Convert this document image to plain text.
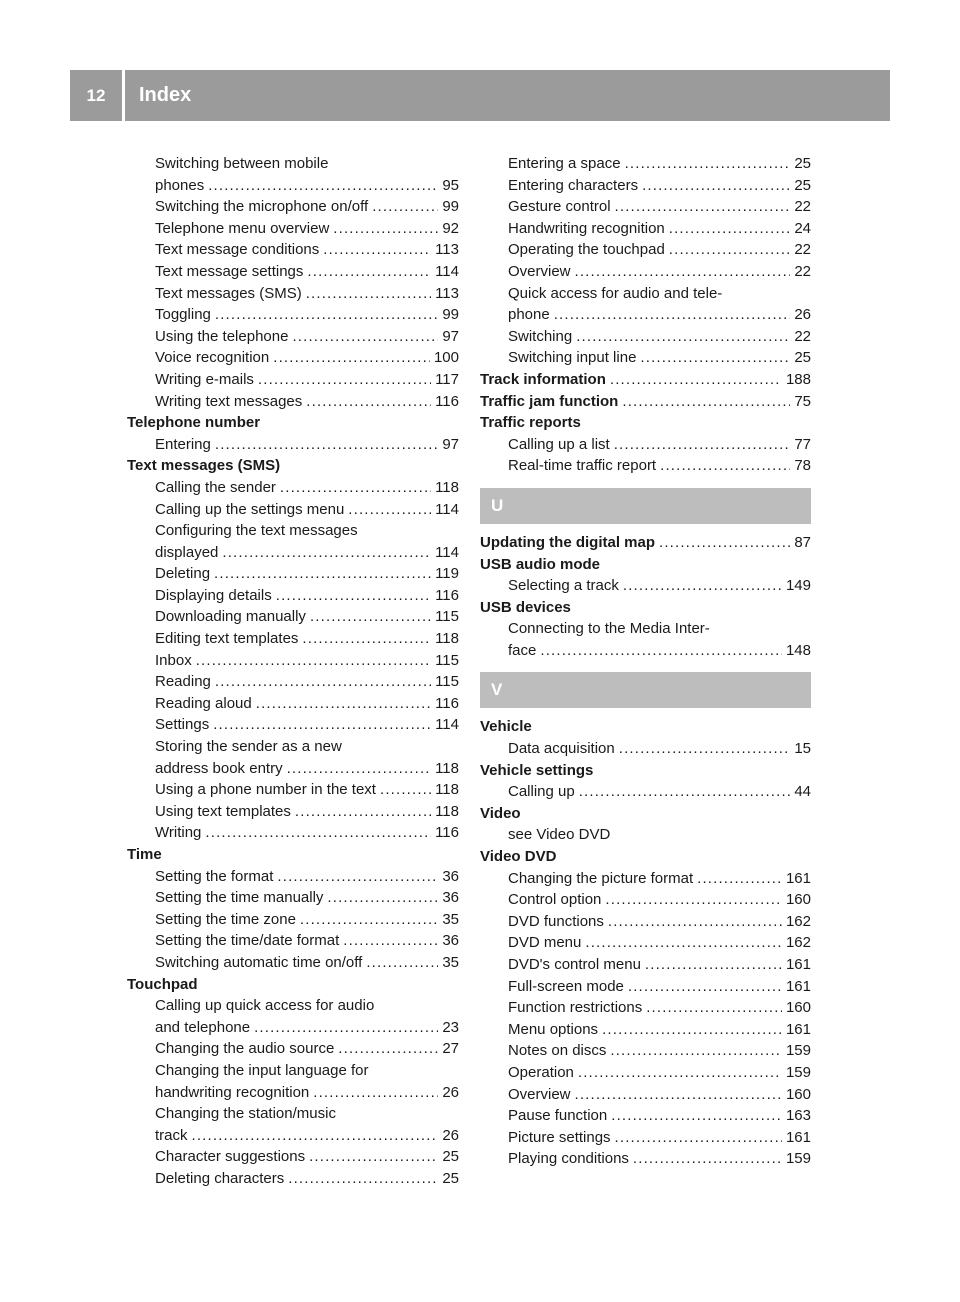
12	Index
Switching between mobile
phones . . .	95
Switching the microphone on/off . . .	99
Telephone menu overview . . .	92
Text message conditions . . .	113
Text message settings . . .	114
Text messages (SMS) . . .	113
Toggling . . .	99
Using the telephone . . .	97
Voice recognition . . .	100
Writing e-mails . . .	117
Writing text messages . . .	116
Telephone number
Entering . . .	97
Text messages (SMS)
Calling the sender . . .	118
Calling up the settings menu . . .	114
Configuring the text messages
displayed . . .	114
Deleting . . .	119
Displaying details . . .	116
Downloading manually . . .	115
Editing text templates . . .	118
Inbox . . .	115
Reading . . .	115
Reading aloud . . .	116
Settings . . .	114
Storing the sender as a new
address book entry . . .	118
Using a phone number in the text . . .	118
Using text templates . . .	118
Writing . . .	116
Time
Setting the format . . .	36
Setting the time manually . . .	36
Setting the time zone . . .	35
Setting the time/date format . . .	36
Switching automatic time on/off . . .	35
Touchpad
Calling up quick access for audio
and telephone . . .	23
Changing the audio source . . .	27
Changing the input language for
handwriting recognition . . .	26
Changing the station/music
track . . .	26
Character suggestions . . .	25
Deleting characters . . .	25
Entering a space . . .	25
Entering characters . . .	25
Gesture control . . .	22
Handwriting recognition . . .	24
Operating the touchpad . . .	22
Overview . . .	22
Quick access for audio and tele-
phone . . .	26
Switching . . .	22
Switching input line . . .	25
Track information . . .	188
Traffic jam function . . .	75
Traffic reports
Calling up a list . . .	77
Real-time traffic report . . .	78
U
Updating the digital map . . .	87
USB audio mode
Selecting a track . . .	149
USB devices
Connecting to the Media Inter-
face . . .	148
V
Vehicle
Data acquisition . . .	15
Vehicle settings
Calling up . . .	44
Video
see Video DVD
Video DVD
Changing the picture format . . .	161
Control option . . .	160
DVD functions . . .	162
DVD menu . . .	162
DVD's control menu . . .	161
Full-screen mode . . .	161
Function restrictions . . .	160
Menu options . . .	161
Notes on discs . . .	159
Operation . . .	159
Overview . . .	160
Pause function . . .	163
Picture settings . . .	161
Playing conditions . . .	159
